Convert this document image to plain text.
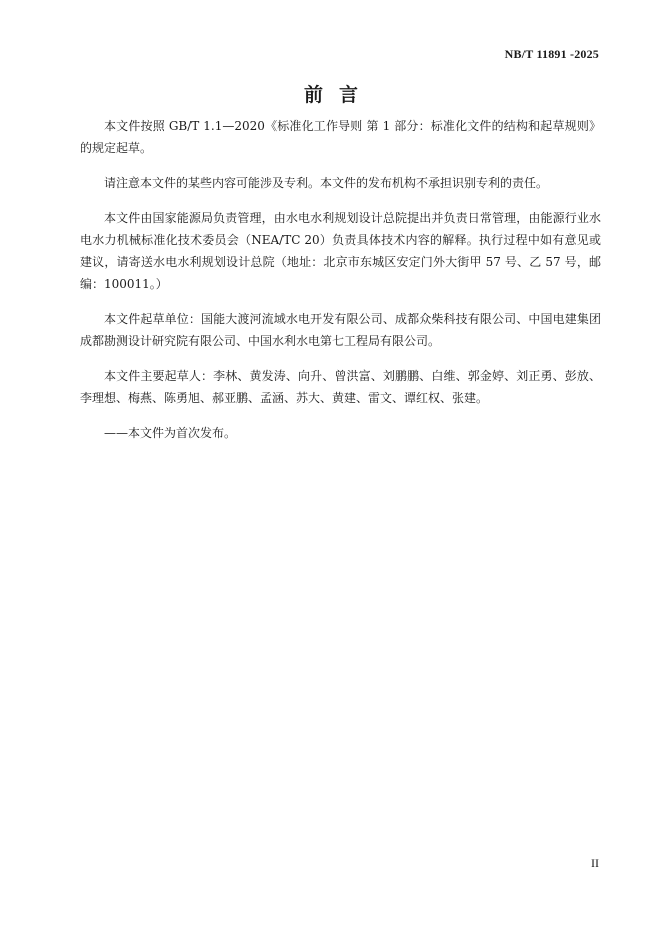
NB/T 11891 -2025
前言

本文件按照 GB/T 1.1—2020《标准化工作导则 第 1 部分：标准化文件的结构和起草规则》的规定起草。

请注意本文件的某些内容可能涉及专利。本文件的发布机构不承担识别专利的责任。

本文件由国家能源局负责管理，由水电水利规划设计总院提出并负责日常管理，由能源行业水电水力机械标准化技术委员会（NEA/TC 20）负责具体技术内容的解释。执行过程中如有意见或建议，请寄送水电水利规划设计总院（地址：北京市东城区安定门外大街甲 57 号、乙 57 号，邮编：100011。）

本文件起草单位：国能大渡河流域水电开发有限公司、成都众柴科技有限公司、中国电建集团成都勘测设计研究院有限公司、中国水利水电第七工程局有限公司。

本文件主要起草人：李林、黄发涛、向升、曾洪富、刘鹏鹏、白维、郭金婷、刘正勇、彭放、李理想、梅燕、陈勇旭、郝亚鹏、孟涵、苏大、黄建、雷文、谭红权、张建。

——本文件为首次发布。

II
